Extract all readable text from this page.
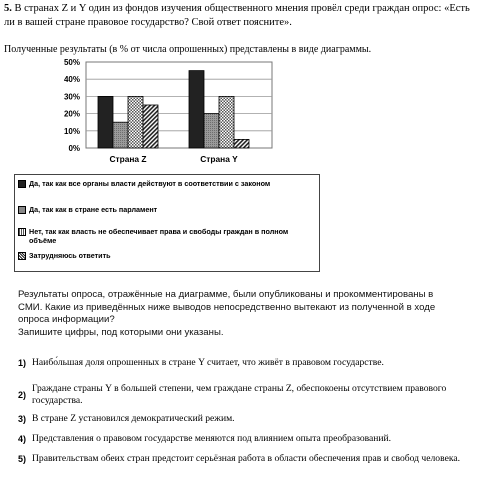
5. В странах Z и Y один из фондов изучения общественного мнения провёл среди граждан опрос: «Есть ли в вашей стране правовое государство? Свой ответ поясните».
Полученные результаты (в % от числа опрошенных) представлены в виде диаграммы.
50%
40%
30%
20%
10%
0%
Страна Z	Страна Y
Да, так как все органы власти действуют в соответствии с законом
Да, так как в стране есть парламент
Нет, так как власть не обеспечивает права и свободы граждан в полном объёме
Затрудняюсь ответить
Результаты опроса, отражённые на диаграмме, были опубликованы и прокомментированы в СМИ. Какие из приведённых ниже выводов непосредственно вытекают из полученной в ходе опроса информации?
Запишите цифры, под которыми они указаны.
1) Наибо́льшая доля опрошенных в стране Y считает, что живёт в правовом государстве.
2)
Граждане страны Y в большей степени, чем граждане страны Z, обеспокоены отсутствием правового государства.
3) В стране Z установился демократический режим.
4) Представления о правовом государстве меняются под влиянием опыта преобразований.
5) Правительствам обеих стран предстоит серьёзная работа в области обеспечения прав и свобод человека.
